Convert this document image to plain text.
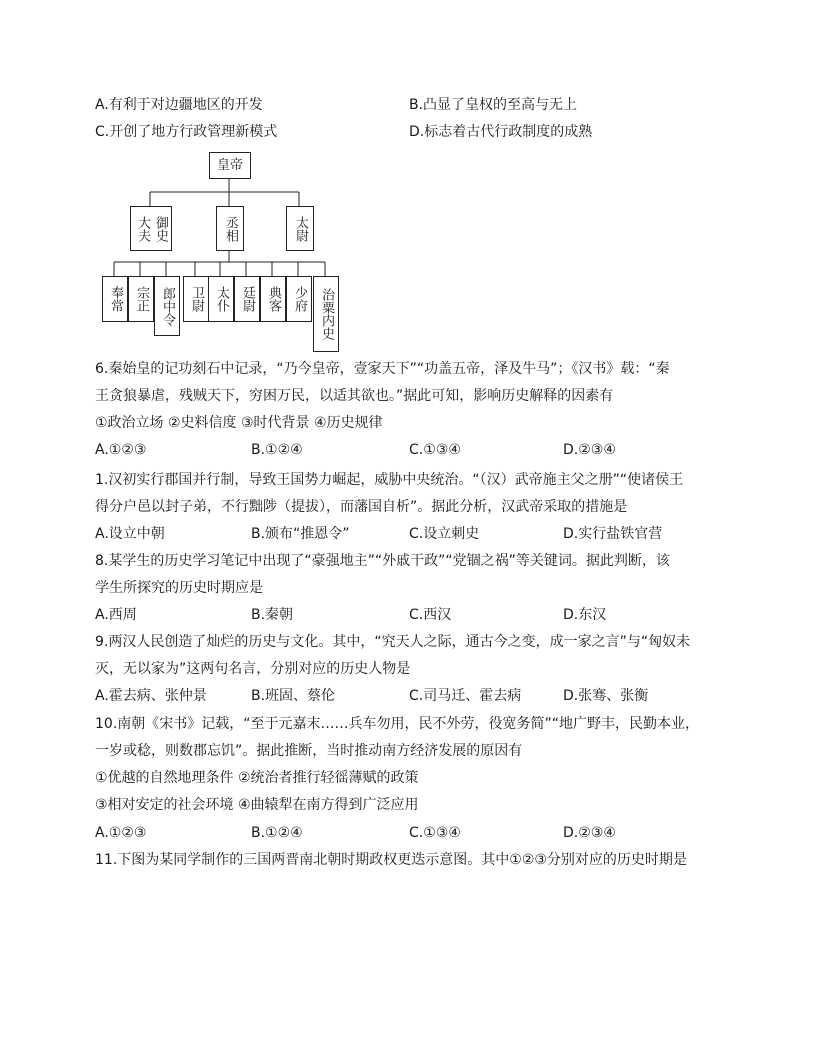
A.有利于对边疆地区的开发	B.凸显了皇权的至高与无上
C.开创了地方行政管理新模式	D.标志着古代行政制度的成熟
皇帝
御史
大夫	丞相	太尉
奉常 宗正 郎中令 卫尉 太仆 廷尉 典客 少府 治粟内史
6.秦始皇的记功刻石中记录，“乃今皇帝，壹家天下”“功盖五帝，泽及牛马”；《汉书》载：“秦
王贪狼暴虐，残贼天下，穷困万民，以适其欲也。”据此可知，影响历史解释的因素有
①政治立场 ②史料信度 ③时代背景 ④历史规律
A.①②③	B.①②④	C.①③④	D.②③④
1.汉初实行郡国并行制，导致王国势力崛起，威胁中央统治。“（汉）武帝施主父之册”“使诸侯王
得分户邑以封子弟，不行黜陟（提拔），而藩国自析”。据此分析，汉武帝采取的措施是
A.设立中朝	B.颁布“推恩令”	C.设立刺史	D.实行盐铁官营
8.某学生的历史学习笔记中出现了“豪强地主”“外戚干政”“党锢之祸”等关键词。据此判断，该
学生所探究的历史时期应是
A.西周	B.秦朝	C.西汉	D.东汉
9.两汉人民创造了灿烂的历史与文化。其中，“究天人之际，通古今之变，成一家之言”与“匈奴未
灭，无以家为”这两句名言，分别对应的历史人物是
A.霍去病、张仲景	B.班固、蔡伦	C.司马迁、霍去病	D.张骞、张衡
10.南朝《宋书》记载，“至于元嘉末……兵车勿用，民不外劳，役宽务简”“地广野丰，民勤本业，
一岁或稔，则数郡忘饥”。据此推断，当时推动南方经济发展的原因有
①优越的自然地理条件 ②统治者推行轻徭薄赋的政策
③相对安定的社会环境 ④曲辕犁在南方得到广泛应用
A.①②③	B.①②④	C.①③④	D.②③④
11.下图为某同学制作的三国两晋南北朝时期政权更迭示意图。其中①②③分别对应的历史时期是
